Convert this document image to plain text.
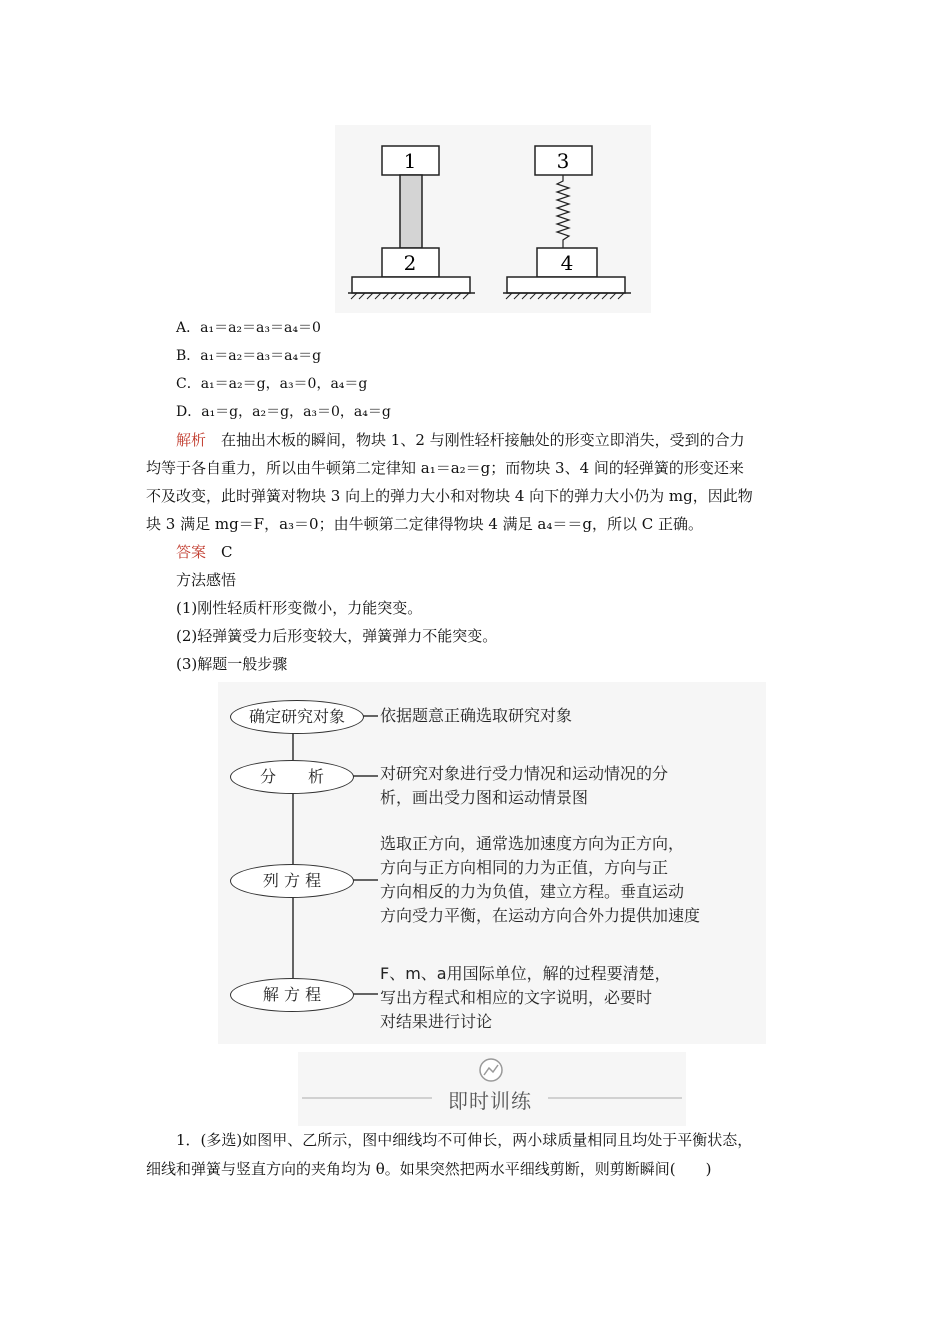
1
2
3
4
A．a₁＝a₂＝a₃＝a₄＝0
B．a₁＝a₂＝a₃＝a₄＝g
C．a₁＝a₂＝g，a₃＝0，a₄＝g
D．a₁＝g，a₂＝g，a₃＝0，a₄＝g
解析　 在抽出木板的瞬间，物块 1、2 与刚性轻杆接触处的形变立即消失，受到的合力
均等于各自重力，所以由牛顿第二定律知 a₁＝a₂＝g；而物块 3、4 间的轻弹簧的形变还来
不及改变，此时弹簧对物块 3 向上的弹力大小和对物块 4 向下的弹力大小仍为 mg，因此物
块 3 满足 mg＝F，a₃＝0；由牛顿第二定律得物块 4 满足 a₄＝＝g，所以 C 正确。
答案　 C
方法感悟
(1)刚性轻质杆形变微小，力能突变。
(2)轻弹簧受力后形变较大，弹簧弹力不能突变。
(3)解题一般步骤
确定研究对象
分　　析
列 方 程
解 方 程
依据题意正确选取研究对象
对研究对象进行受力情况和运动情况的分
析，画出受力图和运动情景图
选取正方向，通常选加速度方向为正方向，
方向与正方向相同的力为正值，方向与正
方向相反的力为负值，建立方程。垂直运动
方向受力平衡，在运动方向合外力提供加速度
F、m、a用国际单位，解的过程要清楚，
写出方程式和相应的文字说明，必要时
对结果进行讨论
即时训练
1．(多选)如图甲、乙所示，图中细线均不可伸长，两小球质量相同且均处于平衡状态，
细线和弹簧与竖直方向的夹角均为 θ。如果突然把两水平细线剪断，则剪断瞬间(　　)
